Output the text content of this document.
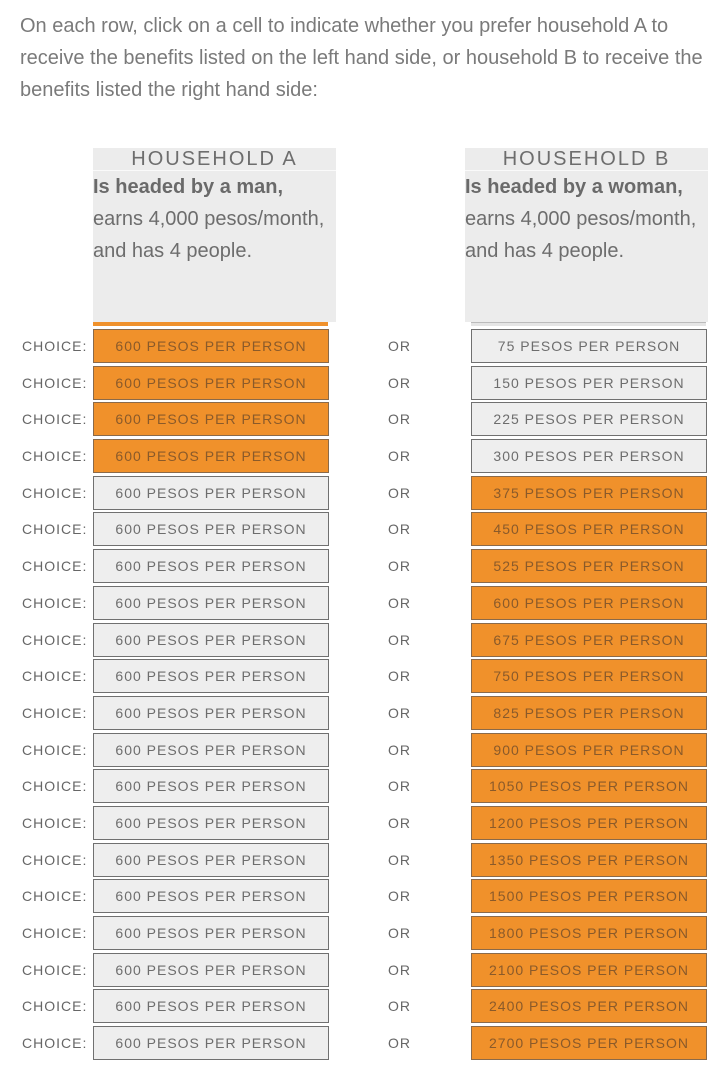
On each row, click on a cell to indicate whether you prefer household A to receive the benefits listed on the left hand side, or household B to receive the benefits listed the right hand side:

HOUSEHOLD A
Is headed by a man, earns 4,000 pesos/month, and has 4 people.
HOUSEHOLD B
Is headed by a woman, earns 4,000 pesos/month, and has 4 people.
CHOICE:	600 PESOS PER PERSON	OR	75 PESOS PER PERSON
CHOICE:	600 PESOS PER PERSON	OR	150 PESOS PER PERSON
CHOICE:	600 PESOS PER PERSON	OR	225 PESOS PER PERSON
CHOICE:	600 PESOS PER PERSON	OR	300 PESOS PER PERSON
CHOICE:	600 PESOS PER PERSON	OR	375 PESOS PER PERSON
CHOICE:	600 PESOS PER PERSON	OR	450 PESOS PER PERSON
CHOICE:	600 PESOS PER PERSON	OR	525 PESOS PER PERSON
CHOICE:	600 PESOS PER PERSON	OR	600 PESOS PER PERSON
CHOICE:	600 PESOS PER PERSON	OR	675 PESOS PER PERSON
CHOICE:	600 PESOS PER PERSON	OR	750 PESOS PER PERSON
CHOICE:	600 PESOS PER PERSON	OR	825 PESOS PER PERSON
CHOICE:	600 PESOS PER PERSON	OR	900 PESOS PER PERSON
CHOICE:	600 PESOS PER PERSON	OR	1050 PESOS PER PERSON
CHOICE:	600 PESOS PER PERSON	OR	1200 PESOS PER PERSON
CHOICE:	600 PESOS PER PERSON	OR	1350 PESOS PER PERSON
CHOICE:	600 PESOS PER PERSON	OR	1500 PESOS PER PERSON
CHOICE:	600 PESOS PER PERSON	OR	1800 PESOS PER PERSON
CHOICE:	600 PESOS PER PERSON	OR	2100 PESOS PER PERSON
CHOICE:	600 PESOS PER PERSON	OR	2400 PESOS PER PERSON
CHOICE:	600 PESOS PER PERSON	OR	2700 PESOS PER PERSON
